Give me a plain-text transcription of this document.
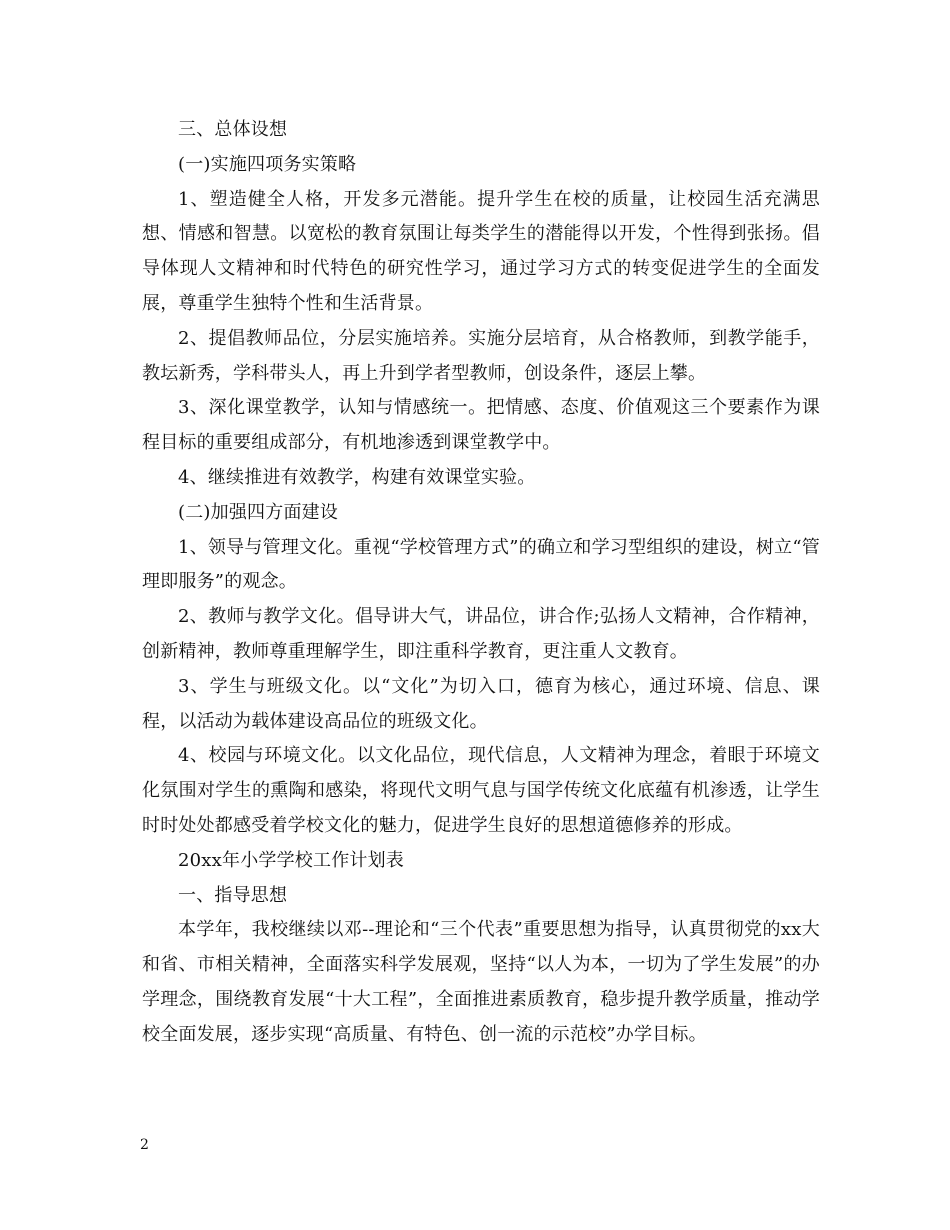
三、总体设想

(一)实施四项务实策略

1、塑造健全人格，开发多元潜能。提升学生在校的质量，让校园生活充满思想、情感和智慧。以宽松的教育氛围让每类学生的潜能得以开发，个性得到张扬。倡导体现人文精神和时代特色的研究性学习，通过学习方式的转变促进学生的全面发展，尊重学生独特个性和生活背景。

2、提倡教师品位，分层实施培养。实施分层培育，从合格教师，到教学能手，教坛新秀，学科带头人，再上升到学者型教师，创设条件，逐层上攀。

3、深化课堂教学，认知与情感统一。把情感、态度、价值观这三个要素作为课程目标的重要组成部分，有机地渗透到课堂教学中。

4、继续推进有效教学，构建有效课堂实验。

(二)加强四方面建设

1、领导与管理文化。重视“学校管理方式”的确立和学习型组织的建设，树立“管理即服务”的观念。

2、教师与教学文化。倡导讲大气，讲品位，讲合作;弘扬人文精神，合作精神，创新精神，教师尊重理解学生，即注重科学教育，更注重人文教育。

3、学生与班级文化。以“文化”为切入口，德育为核心，通过环境、信息、课程，以活动为载体建设高品位的班级文化。

4、校园与环境文化。以文化品位，现代信息，人文精神为理念，着眼于环境文化氛围对学生的熏陶和感染，将现代文明气息与国学传统文化底蕴有机渗透，让学生时时处处都感受着学校文化的魅力，促进学生良好的思想道德修养的形成。

20xx年小学学校工作计划表

一、指导思想

本学年，我校继续以邓--理论和“三个代表”重要思想为指导，认真贯彻党的xx大和省、市相关精神，全面落实科学发展观，坚持“以人为本，一切为了学生发展”的办学理念，围绕教育发展“十大工程”，全面推进素质教育，稳步提升教学质量，推动学校全面发展，逐步实现“高质量、有特色、创一流的示范校”办学目标。

2
